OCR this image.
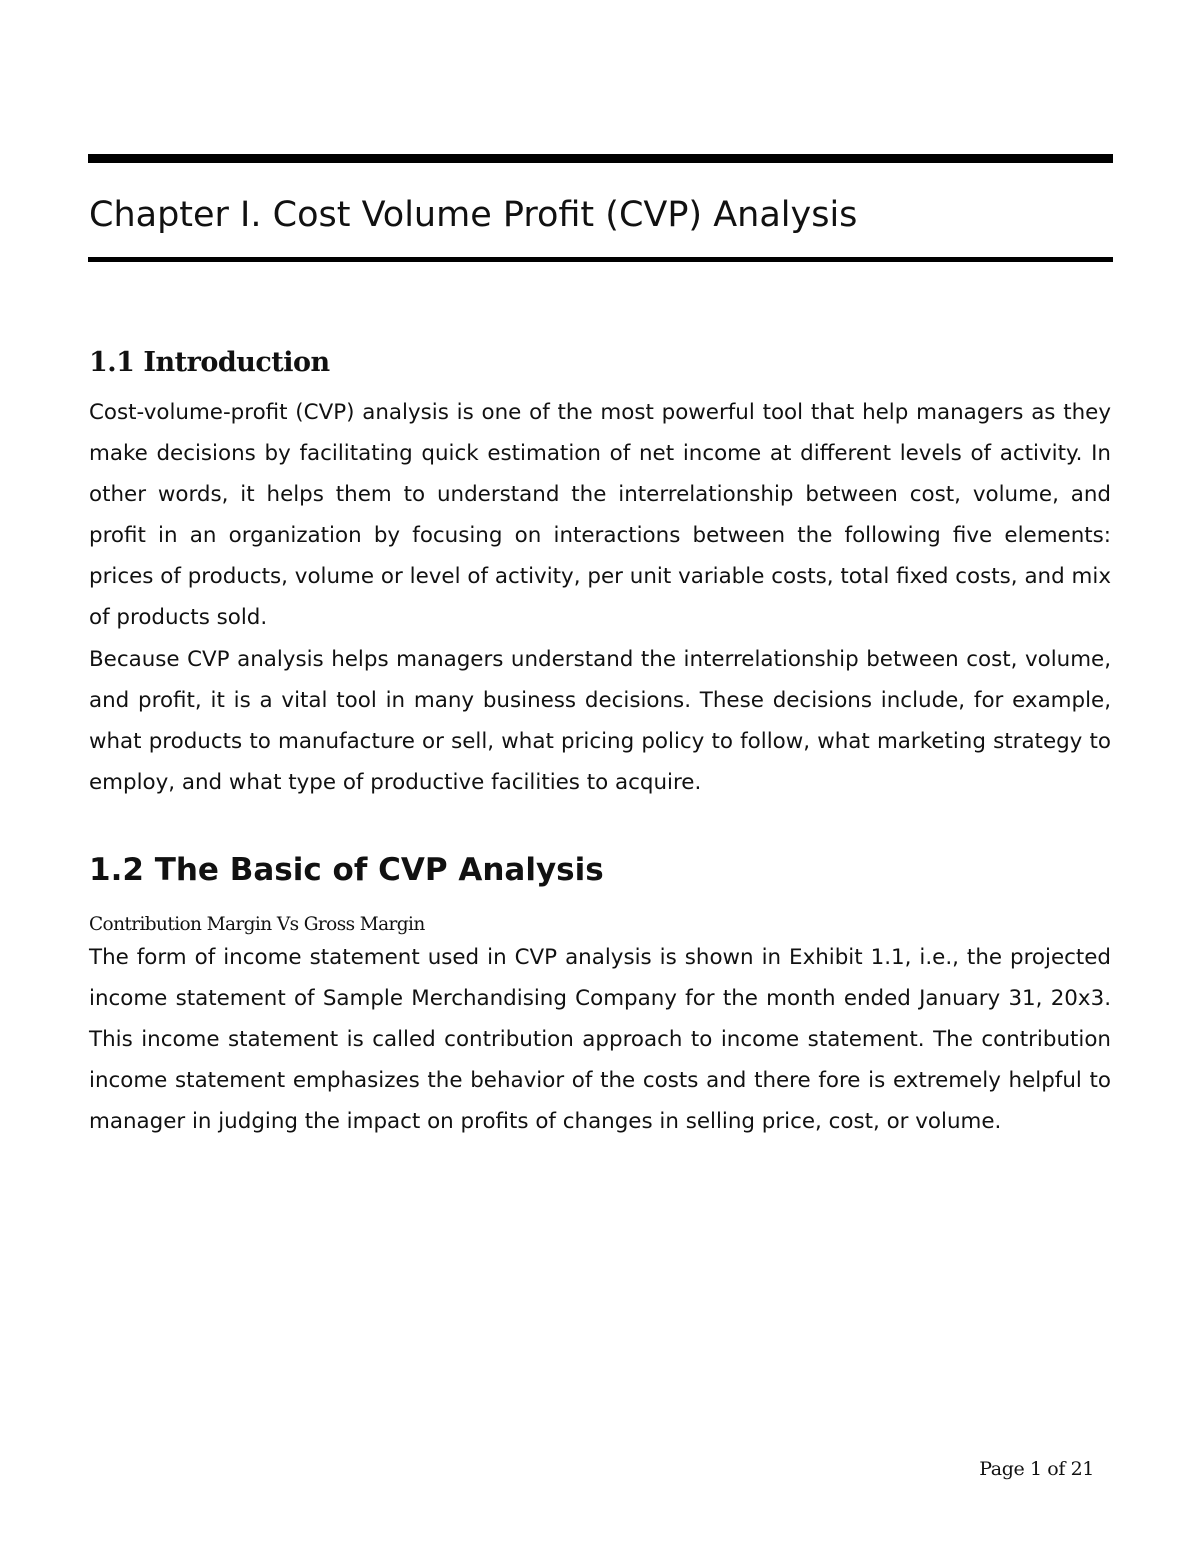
Chapter I. Cost Volume Profit (CVP) Analysis
1.1 Introduction

Cost-volume-profit (CVP) analysis is one of the most powerful tool that help managers as they make decisions by facilitating quick estimation of net income at different levels of activity. In other words, it helps them to understand the interrelationship between cost, volume, and profit in an organization by focusing on interactions between the following five elements: prices of products, volume or level of activity, per unit variable costs, total fixed costs, and mix of products sold.

Because CVP analysis helps managers understand the interrelationship between cost, volume, and profit, it is a vital tool in many business decisions. These decisions include, for example, what products to manufacture or sell, what pricing policy to follow, what marketing strategy to employ, and what type of productive facilities to acquire.

1.2 The Basic of CVP Analysis
Contribution Margin Vs Gross Margin

The form of income statement used in CVP analysis is shown in Exhibit 1.1, i.e., the projected income statement of Sample Merchandising Company for the month ended January 31, 20x3. This income statement is called contribution approach to income statement. The contribution income statement emphasizes the behavior of the costs and there fore is extremely helpful to manager in judging the impact on profits of changes in selling price, cost, or volume.

Page 1 of 21
